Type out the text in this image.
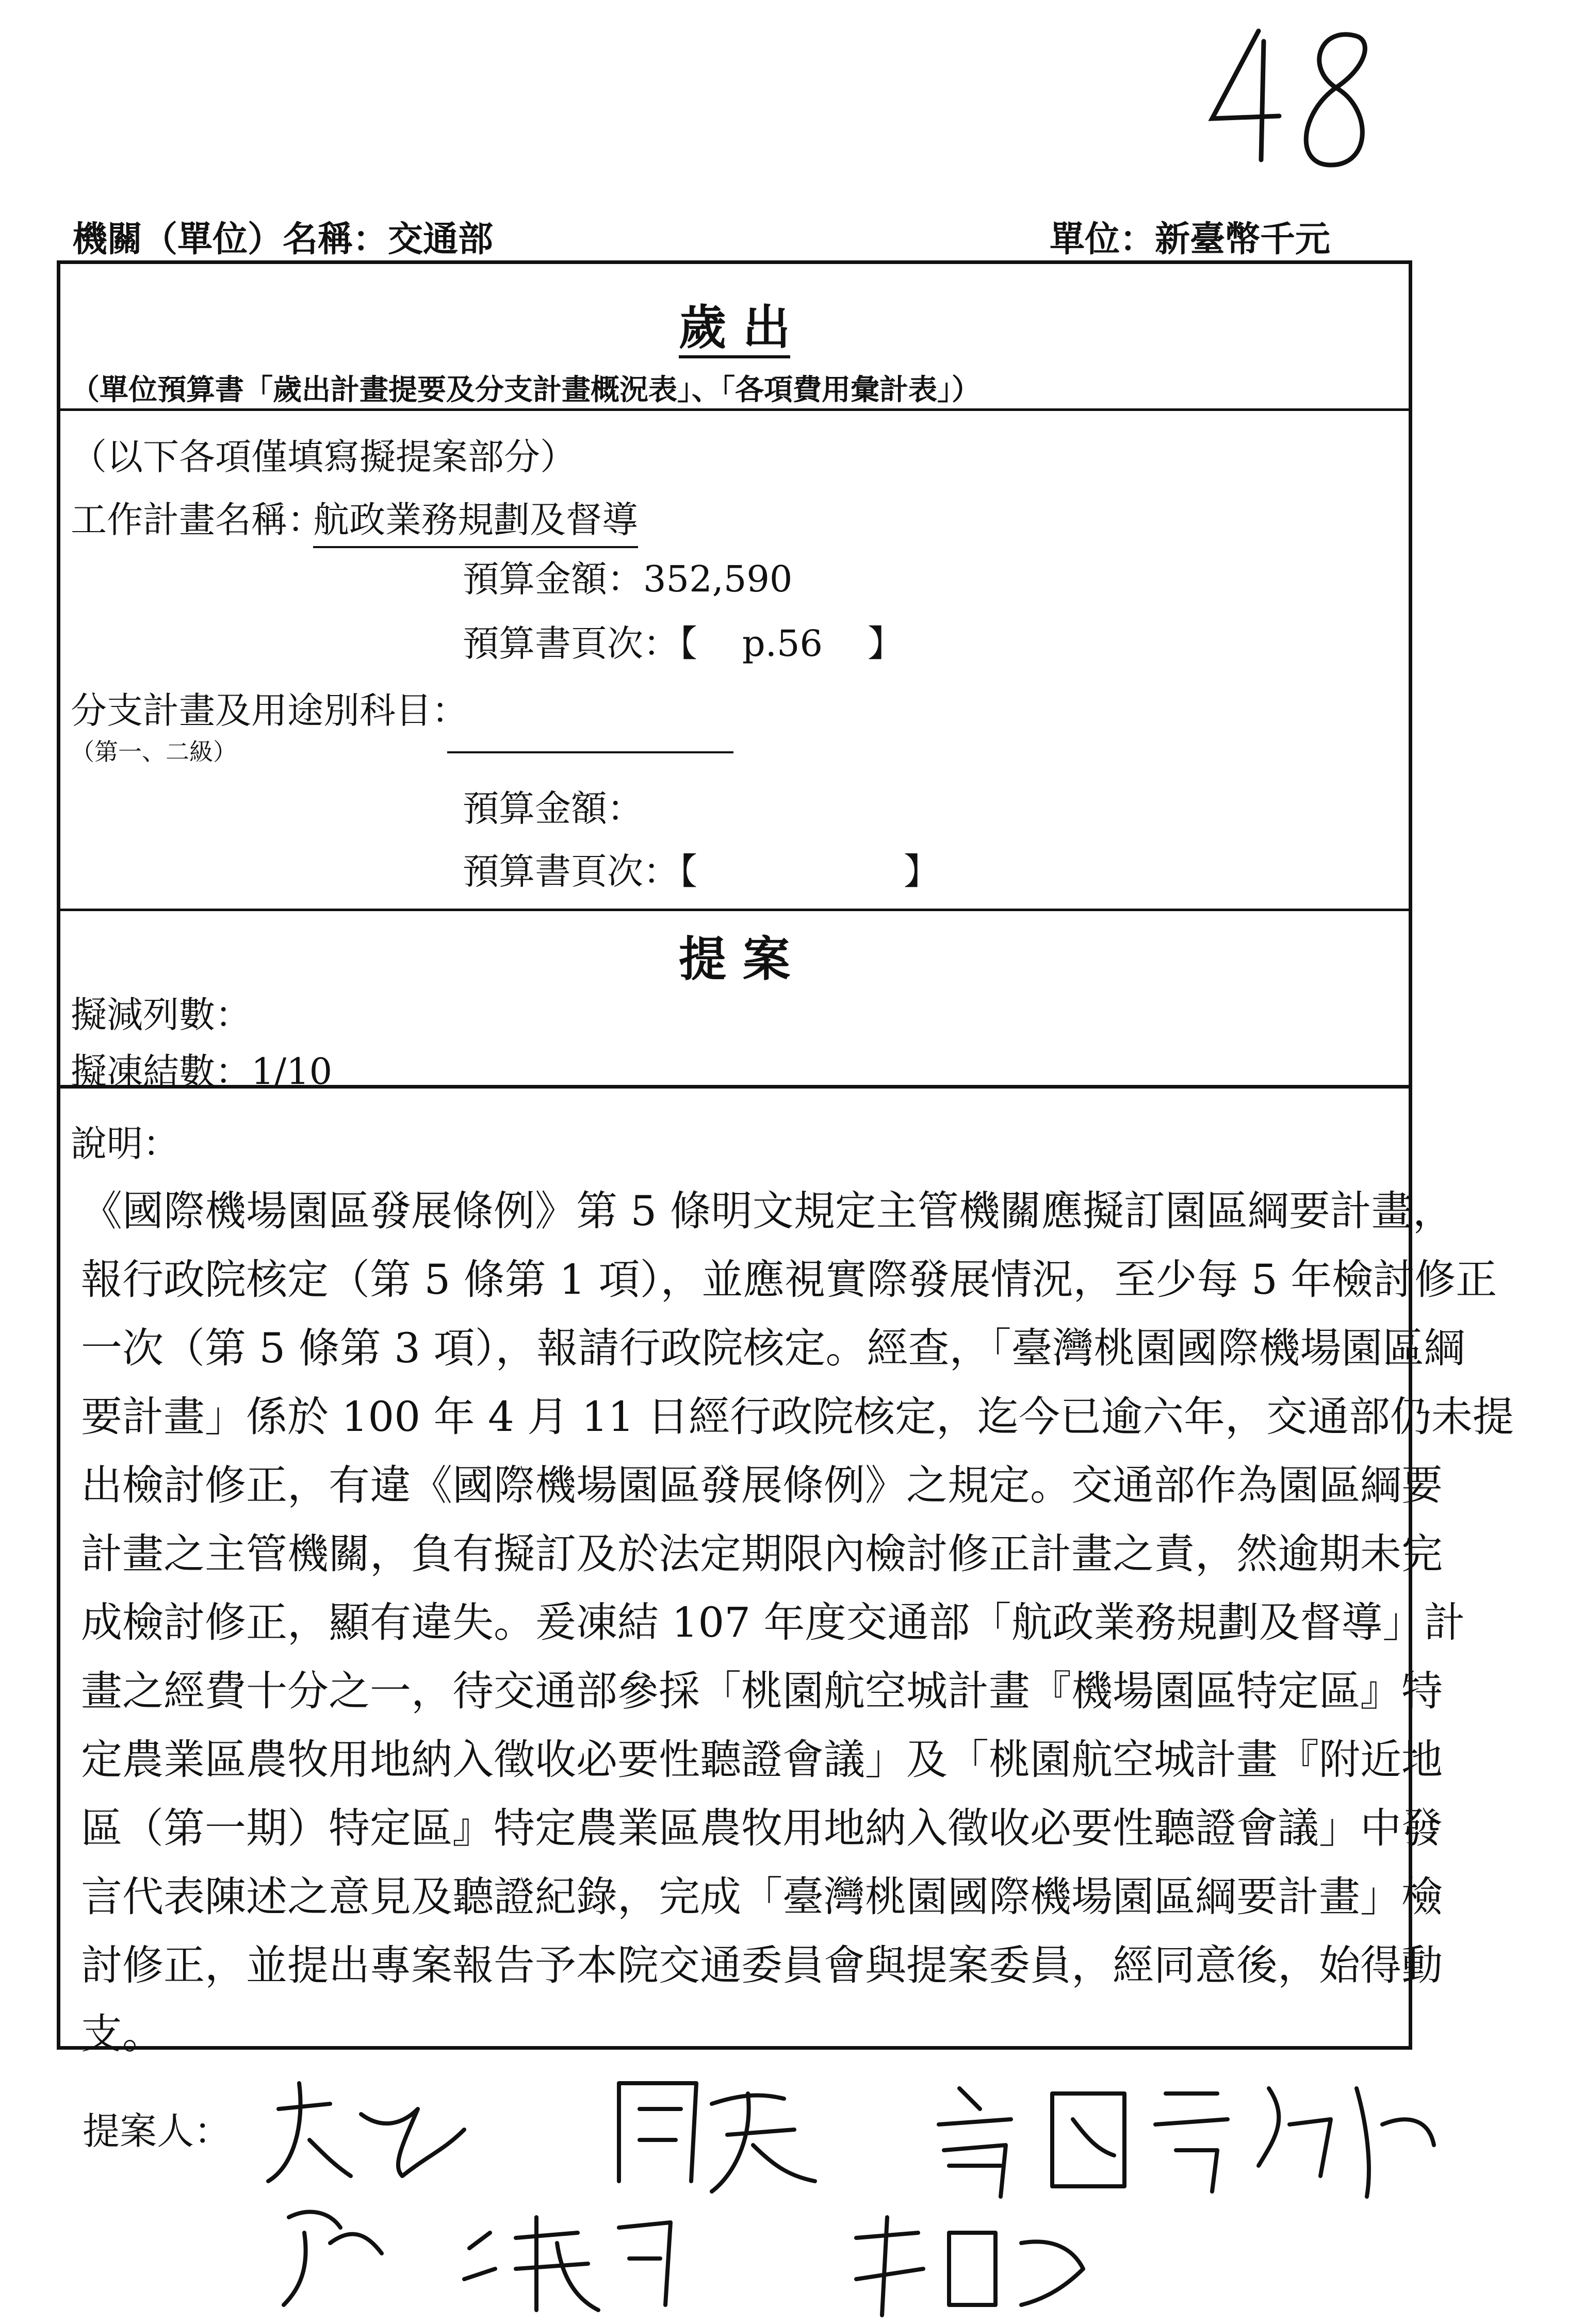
機關（單位）名稱：交通部	單位：新臺幣千元
歲 出
（單位預算書「歲出計畫提要及分支計畫概況表」、「各項費用彙計表」）
（以下各項僅填寫擬提案部分）
工作計畫名稱：
航政業務規劃及督導
預算金額：352,590
預算書頁次：【 p.56 】
分支計畫及用途別科目：
（第一、二級）
預算金額：
預算書頁次：【	】
提 案
擬減列數：
擬凍結數：1/10
說明：
《國際機場園區發展條例》第 5 條明文規定主管機關應擬訂園區綱要計畫，
報行政院核定（第 5 條第 1 項），並應視實際發展情況，至少每 5 年檢討修正
一次（第 5 條第 3 項），報請行政院核定。經查，「臺灣桃園國際機場園區綱
要計畫」係於 100 年 4 月 11 日經行政院核定，迄今已逾六年，交通部仍未提
出檢討修正，有違《國際機場園區發展條例》之規定。交通部作為園區綱要
計畫之主管機關，負有擬訂及於法定期限內檢討修正計畫之責，然逾期未完
成檢討修正，顯有違失。爰凍結 107 年度交通部「航政業務規劃及督導」計
畫之經費十分之一，待交通部參採「桃園航空城計畫『機場園區特定區』特
定農業區農牧用地納入徵收必要性聽證會議」及「桃園航空城計畫『附近地
區（第一期）特定區』特定農業區農牧用地納入徵收必要性聽證會議」中發
言代表陳述之意見及聽證紀錄，完成「臺灣桃園國際機場園區綱要計畫」檢
討修正，並提出專案報告予本院交通委員會與提案委員，經同意後，始得動
支。
提案人：
